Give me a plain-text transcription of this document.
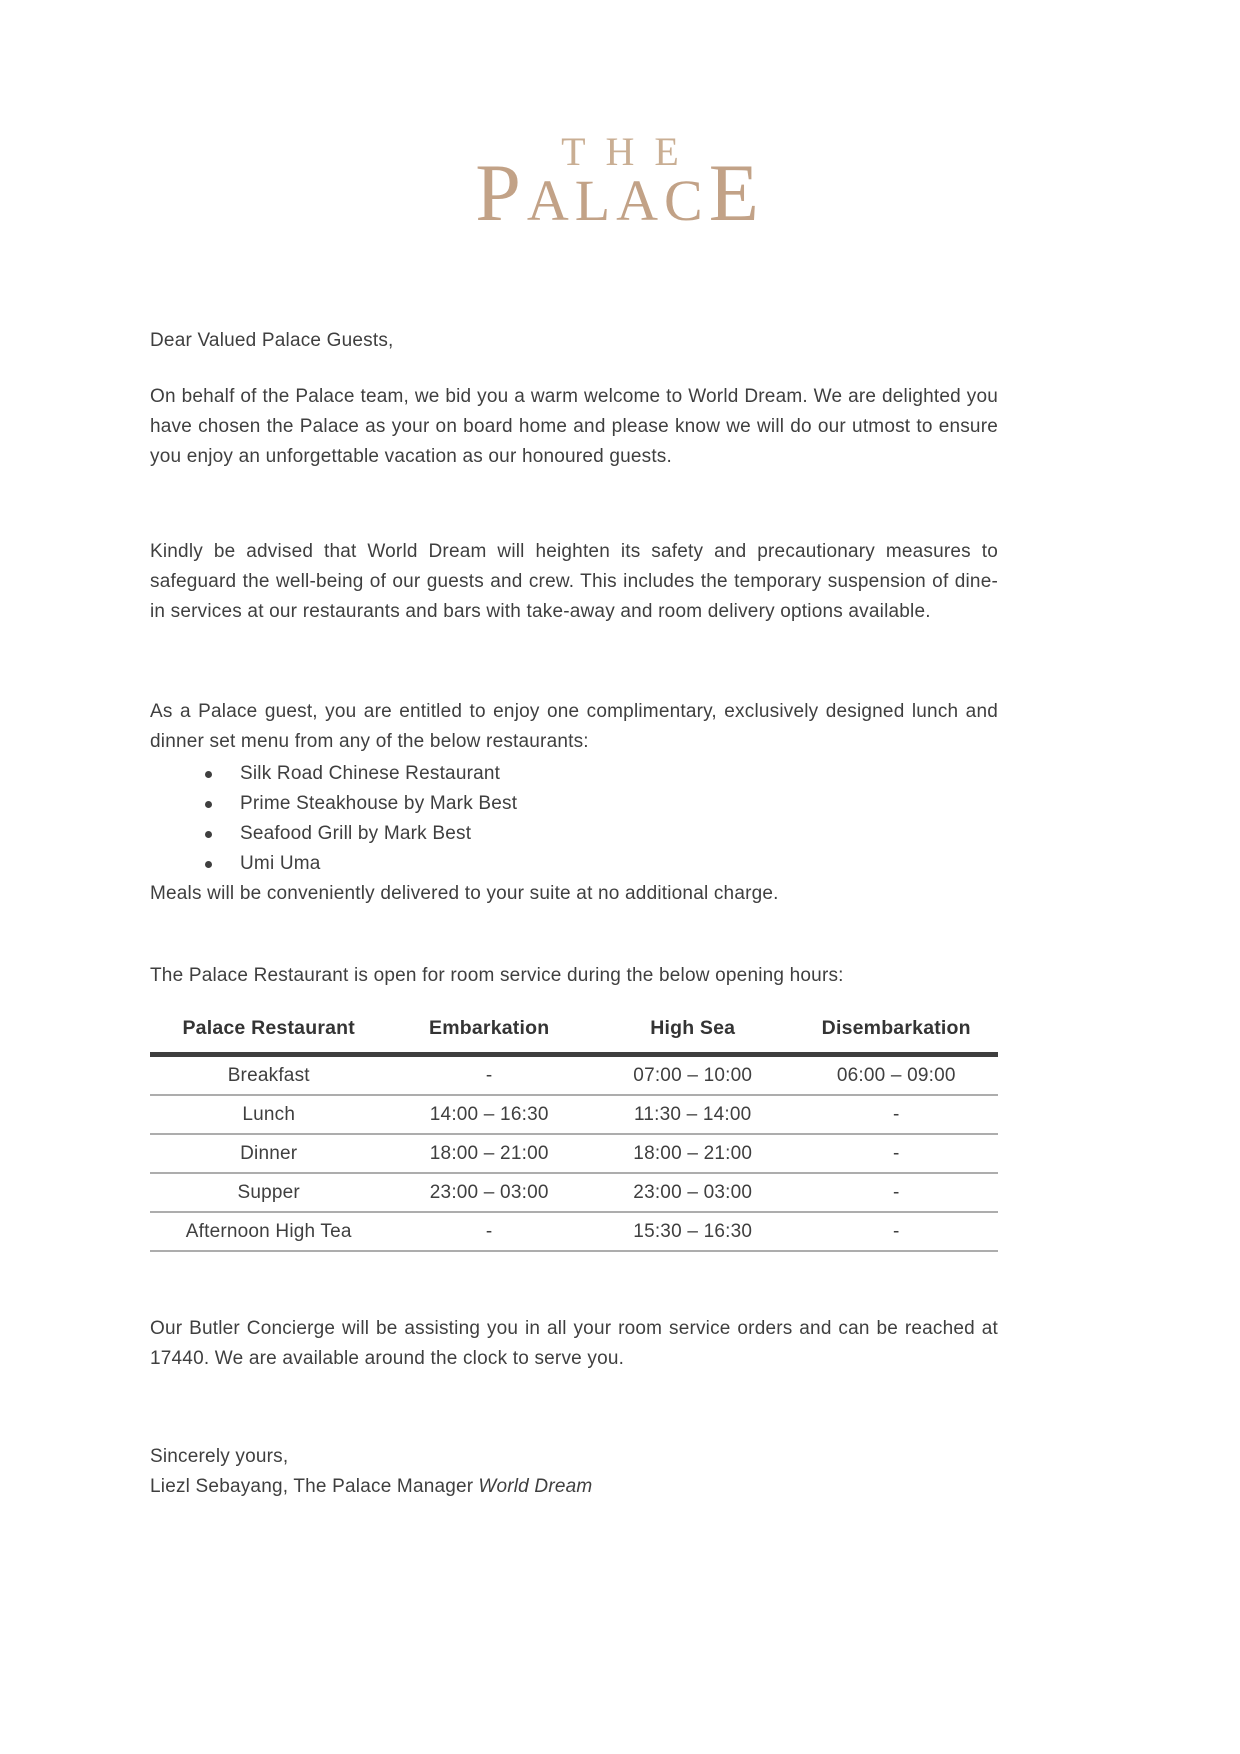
THE
PALACE
Dear Valued Palace Guests,
On behalf of the Palace team, we bid you a warm welcome to World Dream. We are delighted you have chosen the Palace as your on board home and please know we will do our utmost to ensure you enjoy an unforgettable vacation as our honoured guests.
Kindly be advised that World Dream will heighten its safety and precautionary measures to safeguard the well-being of our guests and crew. This includes the temporary suspension of dine-in services at our restaurants and bars with take-away and room delivery options available.
As a Palace guest, you are entitled to enjoy one complimentary, exclusively designed lunch and dinner set menu from any of the below restaurants:
Silk Road Chinese Restaurant
Prime Steakhouse by Mark Best
Seafood Grill by Mark Best
Umi Uma
Meals will be conveniently delivered to your suite at no additional charge.
The Palace Restaurant is open for room service during the below opening hours:
Palace Restaurant	Embarkation	High Sea	Disembarkation
Breakfast	-	07:00 – 10:00	06:00 – 09:00
Lunch	14:00 – 16:30	11:30 – 14:00	-
Dinner	18:00 – 21:00	18:00 – 21:00	-
Supper	23:00 – 03:00	23:00 – 03:00	-
Afternoon High Tea	-	15:30 – 16:30	-
Our Butler Concierge will be assisting you in all your room service orders and can be reached at 17440. We are available around the clock to serve you.
Sincerely yours,
Liezl Sebayang, The Palace Manager World Dream
